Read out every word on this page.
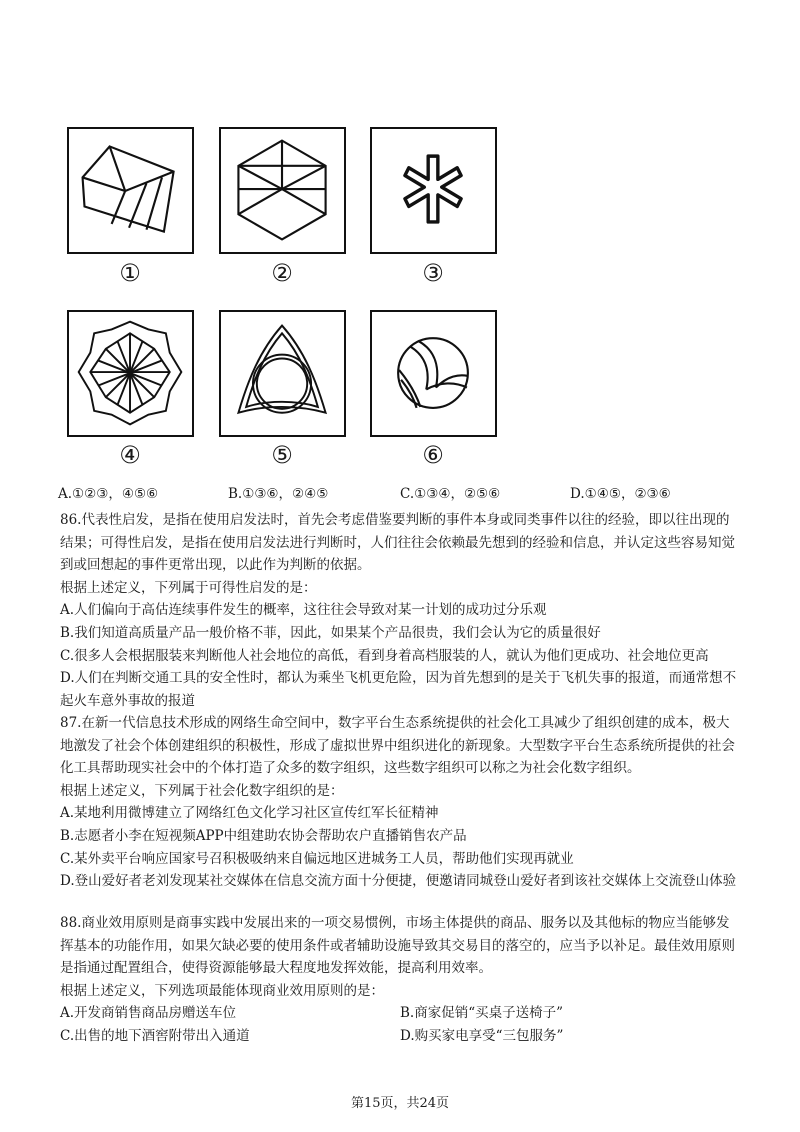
①	②	③
④	⑤	⑥
A.①②③，④⑤⑥	B.①③⑥，②④⑤	C.①③④，②⑤⑥	D.①④⑤，②③⑥

86.代表性启发，是指在使用启发法时，首先会考虑借鉴要判断的事件本身或同类事件以往的经验，即以往出现的结果；可得性启发，是指在使用启发法进行判断时，人们往往会依赖最先想到的经验和信息，并认定这些容易知觉到或回想起的事件更常出现，以此作为判断的依据。

根据上述定义，下列属于可得性启发的是：

A.人们偏向于高估连续事件发生的概率，这往往会导致对某一计划的成功过分乐观

B.我们知道高质量产品一般价格不菲，因此，如果某个产品很贵，我们会认为它的质量很好

C.很多人会根据服装来判断他人社会地位的高低，看到身着高档服装的人，就认为他们更成功、社会地位更高

D.人们在判断交通工具的安全性时，都认为乘坐飞机更危险，因为首先想到的是关于飞机失事的报道，而通常想不起火车意外事故的报道

87.在新一代信息技术形成的网络生命空间中，数字平台生态系统提供的社会化工具减少了组织创建的成本，极大地激发了社会个体创建组织的积极性，形成了虚拟世界中组织进化的新现象。大型数字平台生态系统所提供的社会化工具帮助现实社会中的个体打造了众多的数字组织，这些数字组织可以称之为社会化数字组织。

根据上述定义，下列属于社会化数字组织的是：

A.某地利用微博建立了网络红色文化学习社区宣传红军长征精神

B.志愿者小李在短视频APP中组建助农协会帮助农户直播销售农产品

C.某外卖平台响应国家号召积极吸纳来自偏远地区进城务工人员，帮助他们实现再就业

D.登山爱好者老刘发现某社交媒体在信息交流方面十分便捷，便邀请同城登山爱好者到该社交媒体上交流登山体验

88.商业效用原则是商事实践中发展出来的一项交易惯例，市场主体提供的商品、服务以及其他标的物应当能够发挥基本的功能作用，如果欠缺必要的使用条件或者辅助设施导致其交易目的落空的，应当予以补足。最佳效用原则是指通过配置组合，使得资源能够最大程度地发挥效能，提高利用效率。

根据上述定义，下列选项最能体现商业效用原则的是：

A.开发商销售商品房赠送车位	B.商家促销“买桌子送椅子”
C.出售的地下酒窖附带出入通道	D.购买家电享受“三包服务”
第15页，共24页
